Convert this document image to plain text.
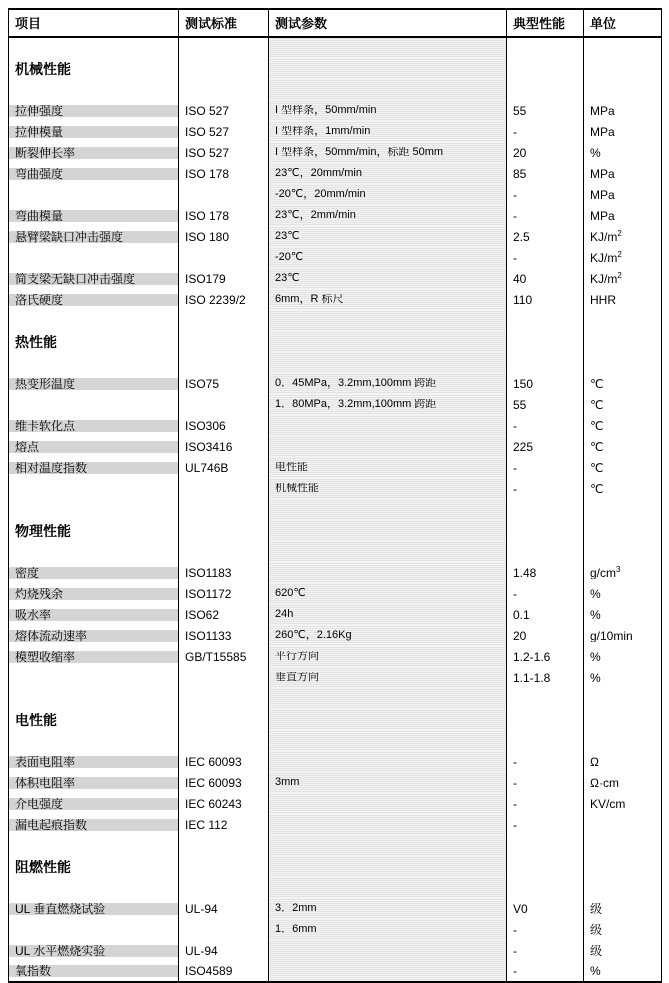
项目	测试标准	测试参数	典型性能	单位

机械性能				

拉伸强度	ISO 527	I 型样条，50mm/min	55	MPa

拉伸模量	ISO 527	I 型样条，1mm/min	-	MPa

断裂伸长率	ISO 527	I 型样条，50mm/min，标距 50mm	20	%

弯曲强度	ISO 178	23℃，20mm/min	85	MPa

		-20℃，20mm/min	-	MPa

弯曲模量	ISO 178	23℃，2mm/min	-	MPa

悬臂梁缺口冲击强度	ISO 180	23℃	2.5	$KJ/m^2$

		-20℃	-	$KJ/m^2$

简支梁无缺口冲击强度	ISO179	23℃	40	$KJ/m^2$

洛氏硬度	ISO 2239/2	6mm，R 标尺	110	HHR

热性能				

热变形温度	ISO75	0．45MPa，3.2mm,100mm 跨距	150	℃

		1．80MPa，3.2mm,100mm 跨距	55	℃

维卡软化点	ISO306		-	℃

熔点	ISO3416		225	℃

相对温度指数	UL746B	电性能	-	℃

		机械性能	-	℃

物理性能				

密度	ISO1183		1.48	$g/cm^3$

灼烧残余	ISO1172	620℃	-	%

吸水率	ISO62	24h	0.1	%

熔体流动速率	ISO1133	260℃，2.16Kg	20	g/10min

模塑收缩率	GB/T15585	平行方向	1.2-1.6	%

		垂直方向	1.1-1.8	%

电性能				

表面电阻率	IEC 60093		-	Ω

体积电阻率	IEC 60093	3mm	-	Ω·cm

介电强度	IEC 60243		-	KV/cm

漏电起痕指数	IEC 112		-	

阻燃性能				

UL 垂直燃烧试验	UL-94	3．2mm	V0	级

		1．6mm	-	级

UL 水平燃烧实验	UL-94		-	级

氧指数	ISO4589		-	%
